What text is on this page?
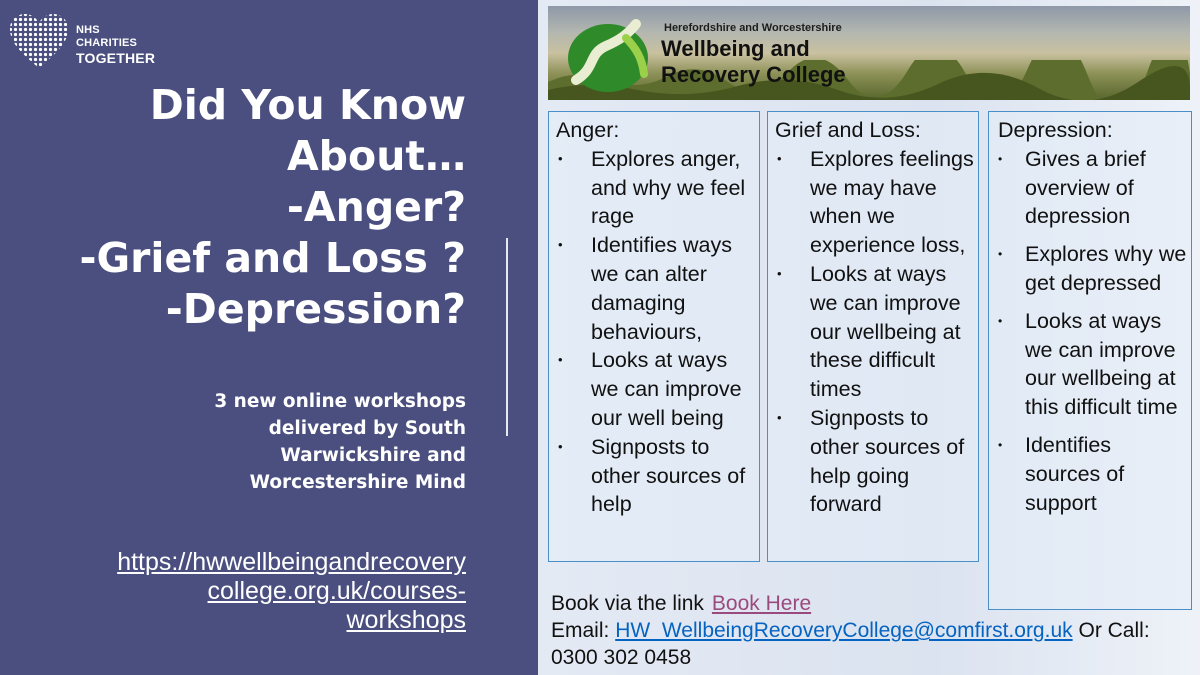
NHS
CHARITIES
TOGETHER
Did You Know
About…
-Anger?
-Grief and Loss ?
-Depression?
3 new online workshops
delivered by South
Warwickshire and
Worcestershire Mind
https://hwwellbeingandrecovery
college.org.uk/courses-
workshops
Herefordshire and Worcestershire
Wellbeing and
Recovery College
Anger:
• Explores anger, and why we feel rage
• Identifies ways we can alter damaging behaviours,
• Looks at ways we can improve our well being
• Signposts to other sources of help
Grief and Loss:
• Explores feelings we may have when we experience loss,
• Looks at ways we can improve our wellbeing at these difficult times
• Signposts to other sources of help going forward
Depression:
• Gives a brief overview of depression
• Explores why we get depressed
• Looks at ways we can improve our wellbeing at this difficult time
• Identifies sources of support
Book via the link Book Here
Email: HW_WellbeingRecoveryCollege@comfirst.org.uk Or Call:
0300 302 0458
